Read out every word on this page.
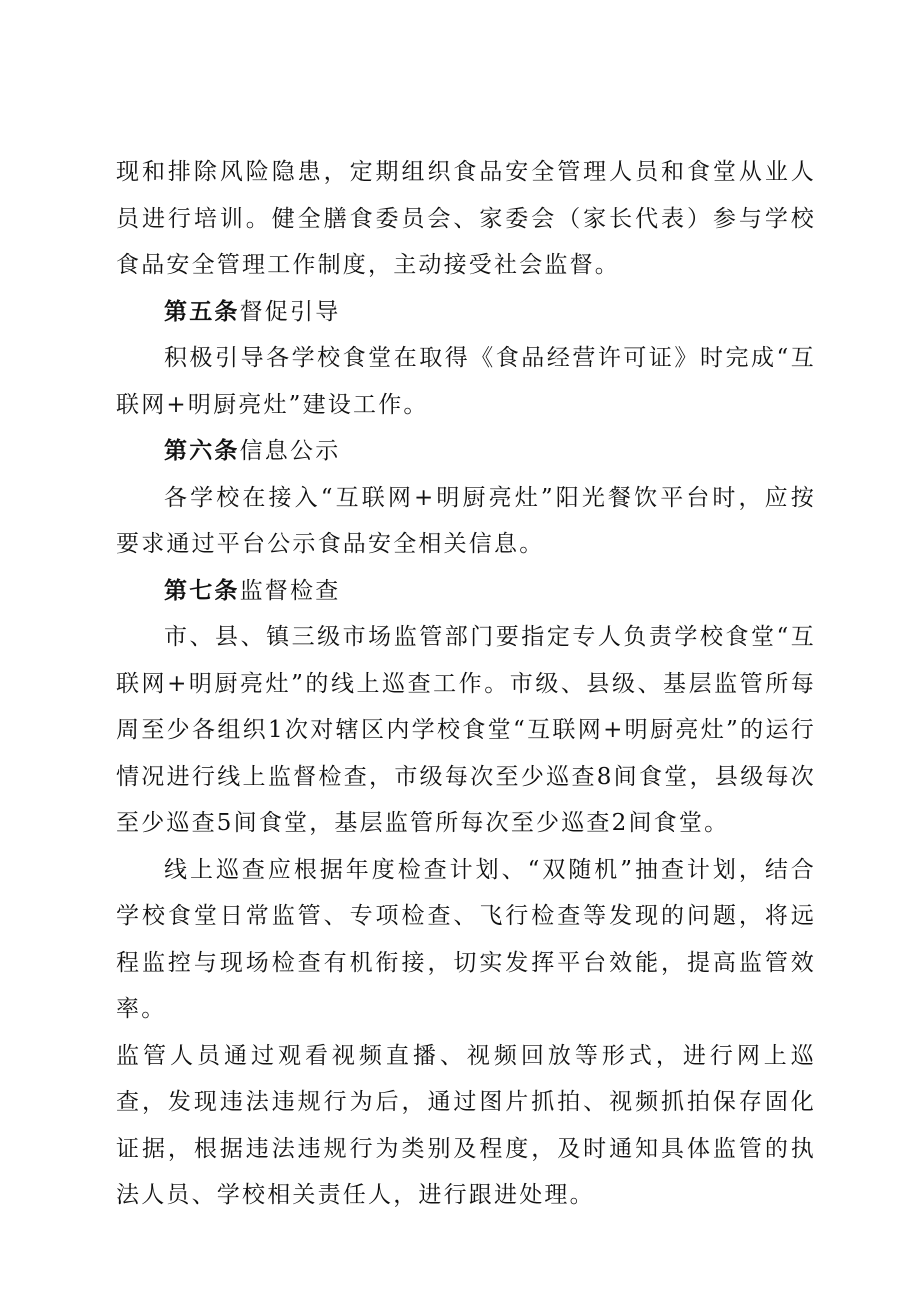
现和排除风险隐患，定期组织食品安全管理人员和食堂从业人员进行培训。健全膳食委员会、家委会（家长代表）参与学校食品安全管理工作制度，主动接受社会监督。

第五条督促引导

积极引导各学校食堂在取得《食品经营许可证》时完成“互联网+明厨亮灶”建设工作。

第六条信息公示

各学校在接入“互联网+明厨亮灶”阳光餐饮平台时，应按要求通过平台公示食品安全相关信息。

第七条监督检查

市、县、镇三级市场监管部门要指定专人负责学校食堂“互联网+明厨亮灶”的线上巡查工作。市级、县级、基层监管所每周至少各组织1次对辖区内学校食堂“互联网+明厨亮灶”的运行情况进行线上监督检查，市级每次至少巡查8间食堂，县级每次至少巡查5间食堂，基层监管所每次至少巡查2间食堂。

线上巡查应根据年度检查计划、“双随机”抽查计划，结合学校食堂日常监管、专项检查、飞行检查等发现的问题，将远程监控与现场检查有机衔接，切实发挥平台效能，提高监管效率。

监管人员通过观看视频直播、视频回放等形式，进行网上巡查，发现违法违规行为后，通过图片抓拍、视频抓拍保存固化证据，根据违法违规行为类别及程度，及时通知具体监管的执法人员、学校相关责任人，进行跟进处理。
